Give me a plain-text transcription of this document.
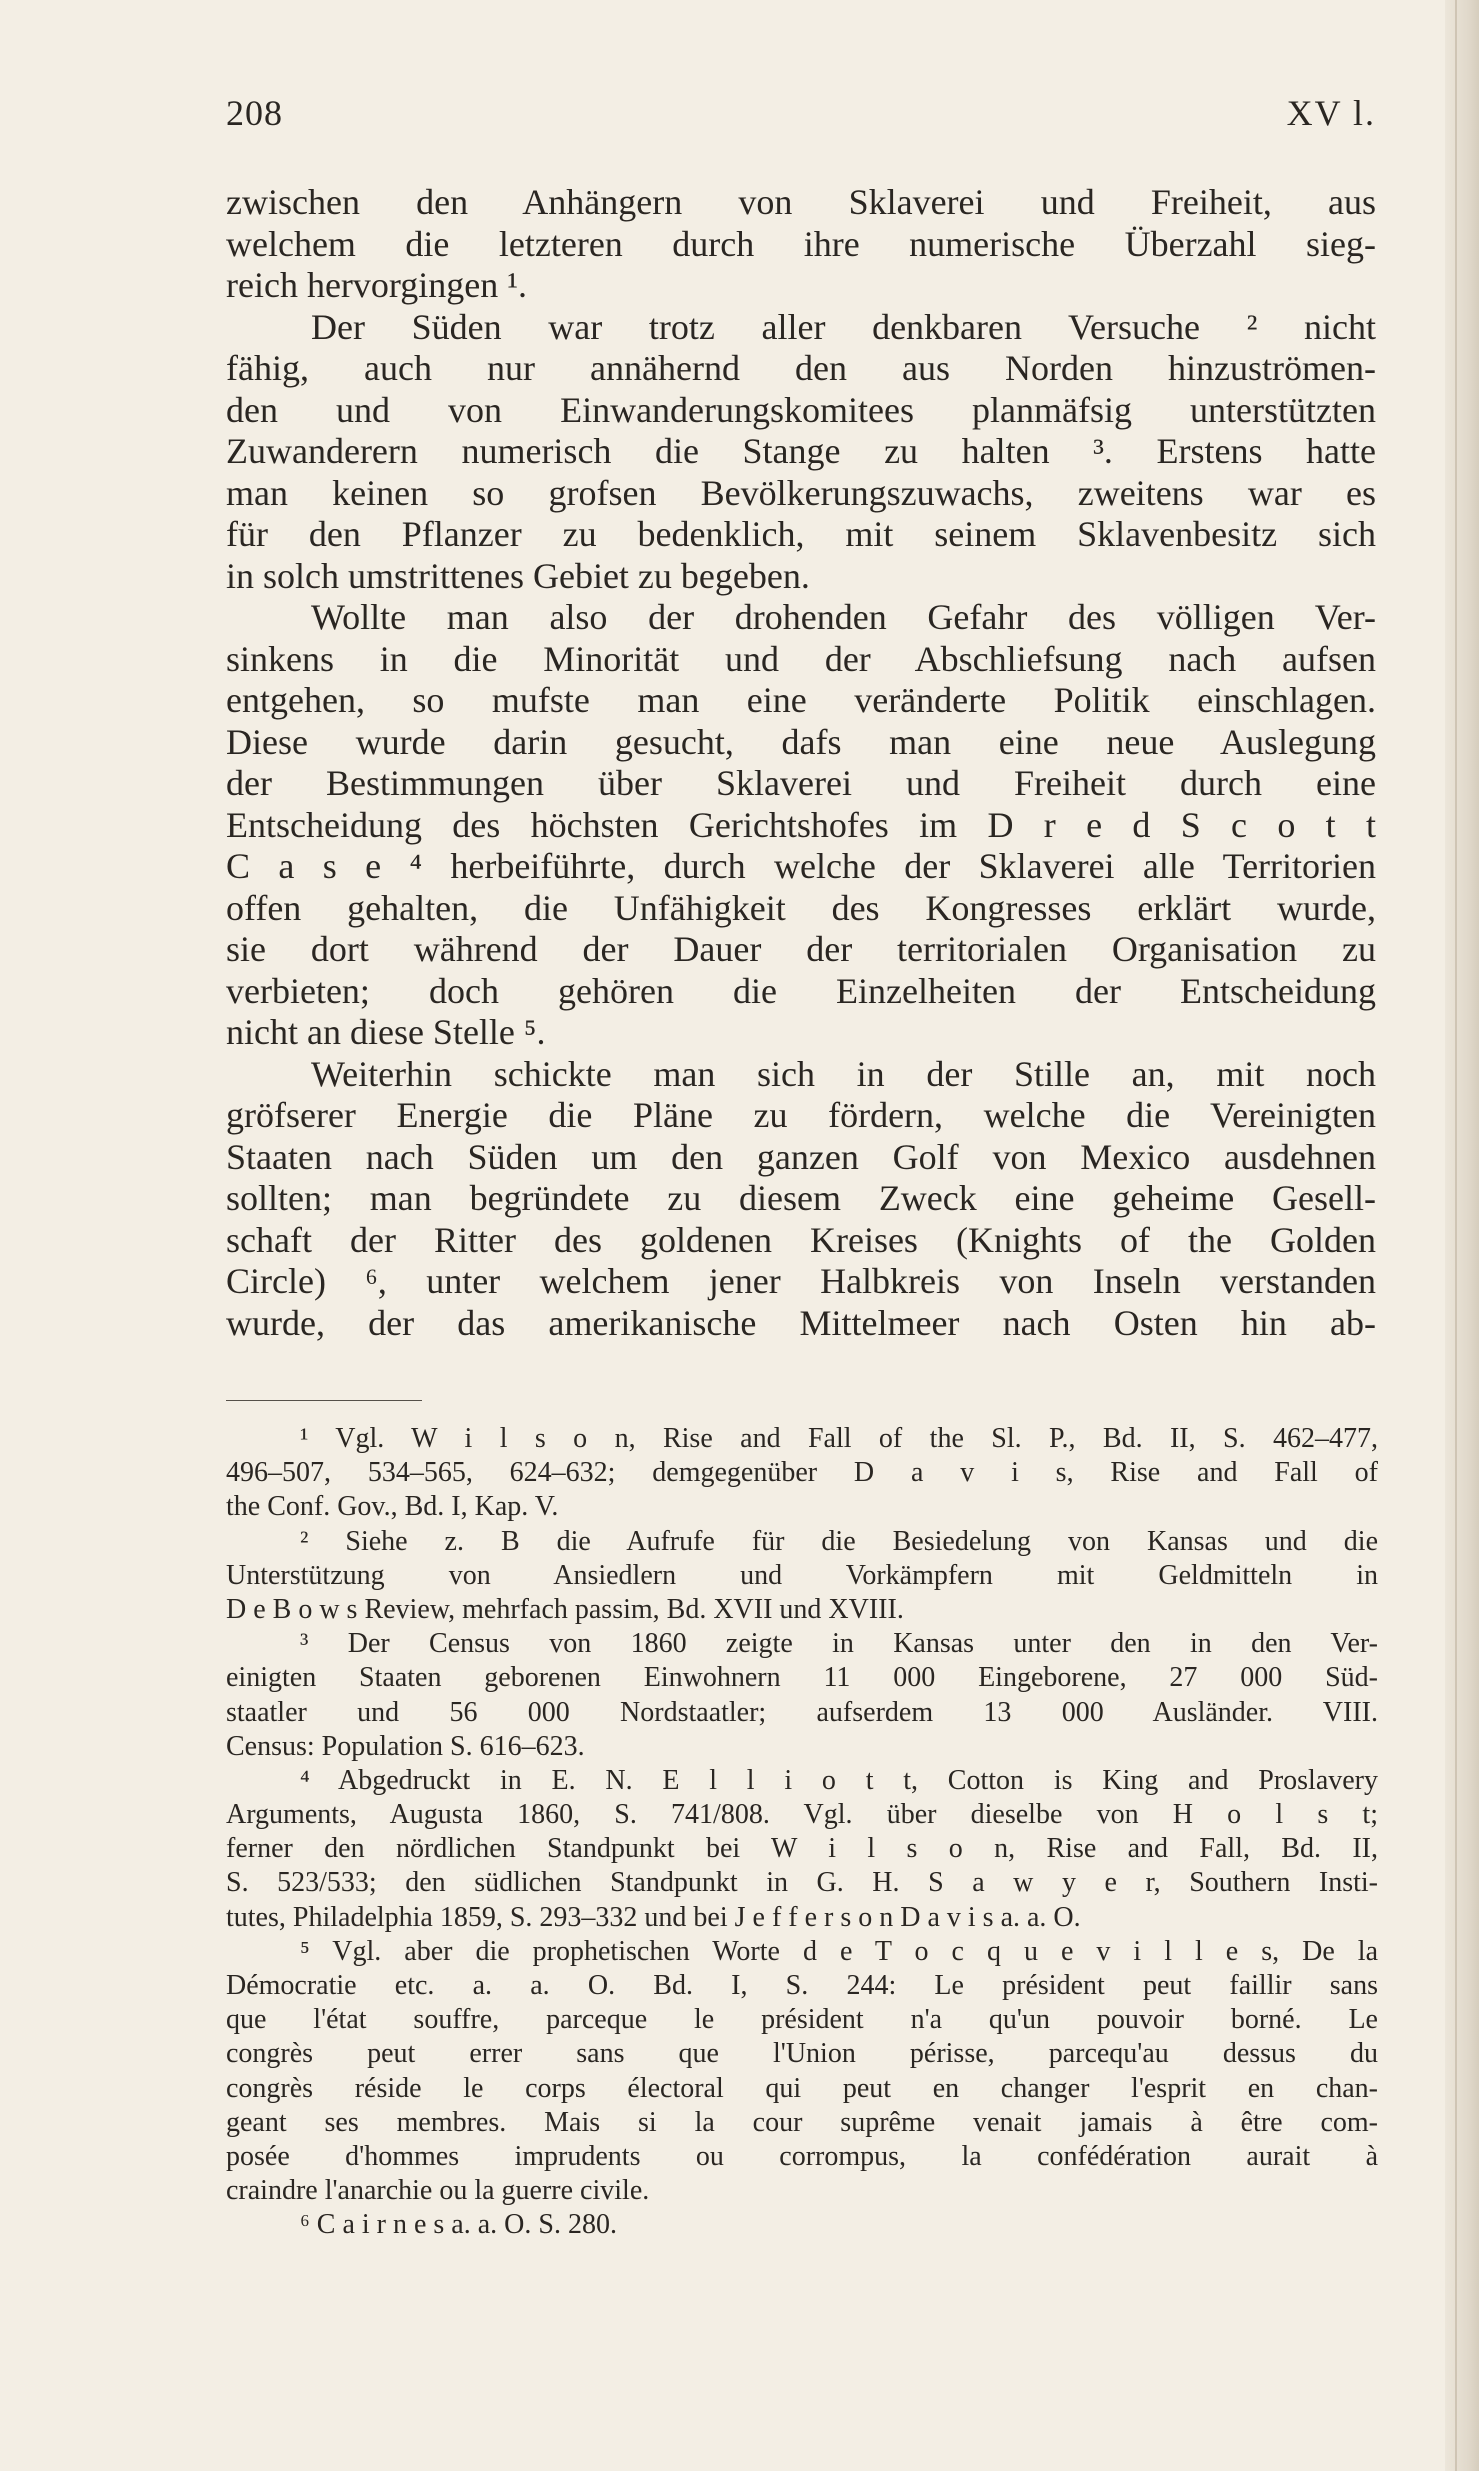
208	XV l.
zwischen den Anhängern von Sklaverei und Freiheit, aus
welchem die letzteren durch ihre numerische Überzahl sieg-
reich hervorgingen ¹.
Der Süden war trotz aller denkbaren Versuche ² nicht
fähig, auch nur annähernd den aus Norden hinzuströmen-
den und von Einwanderungskomitees planmäfsig unterstützten
Zuwanderern numerisch die Stange zu halten ³. Erstens hatte
man keinen so grofsen Bevölkerungszuwachs, zweitens war es
für den Pflanzer zu bedenklich, mit seinem Sklavenbesitz sich
in solch umstrittenes Gebiet zu begeben.
Wollte man also der drohenden Gefahr des völligen Ver-
sinkens in die Minorität und der Abschliefsung nach aufsen
entgehen, so mufste man eine veränderte Politik einschlagen.
Diese wurde darin gesucht, dafs man eine neue Auslegung
der Bestimmungen über Sklaverei und Freiheit durch eine
Entscheidung des höchsten Gerichtshofes im D r e d S c o t t
C a s e ⁴ herbeiführte, durch welche der Sklaverei alle Territorien
offen gehalten, die Unfähigkeit des Kongresses erklärt wurde,
sie dort während der Dauer der territorialen Organisation zu
verbieten; doch gehören die Einzelheiten der Entscheidung
nicht an diese Stelle ⁵.
Weiterhin schickte man sich in der Stille an, mit noch
gröfserer Energie die Pläne zu fördern, welche die Vereinigten
Staaten nach Süden um den ganzen Golf von Mexico ausdehnen
sollten; man begründete zu diesem Zweck eine geheime Gesell-
schaft der Ritter des goldenen Kreises (Knights of the Golden
Circle) ⁶, unter welchem jener Halbkreis von Inseln verstanden
wurde, der das amerikanische Mittelmeer nach Osten hin ab-
¹ Vgl. W i l s o n, Rise and Fall of the Sl. P., Bd. II, S. 462–477,
496–507, 534–565, 624–632; demgegenüber D a v i s, Rise and Fall of
the Conf. Gov., Bd. I, Kap. V.
² Siehe z. B die Aufrufe für die Besiedelung von Kansas und die
Unterstützung von Ansiedlern und Vorkämpfern mit Geldmitteln in
D e B o w s Review, mehrfach passim, Bd. XVII und XVIII.
³ Der Census von 1860 zeigte in Kansas unter den in den Ver-
einigten Staaten geborenen Einwohnern 11 000 Eingeborene, 27 000 Süd-
staatler und 56 000 Nordstaatler; aufserdem 13 000 Ausländer. VIII.
Census: Population S. 616–623.
⁴ Abgedruckt in E. N. E l l i o t t, Cotton is King and Proslavery
Arguments, Augusta 1860, S. 741/808. Vgl. über dieselbe von H o l s t;
ferner den nördlichen Standpunkt bei W i l s o n, Rise and Fall, Bd. II,
S. 523/533; den südlichen Standpunkt in G. H. S a w y e r, Southern Insti-
tutes, Philadelphia 1859, S. 293–332 und bei J e f f e r s o n D a v i s a. a. O.
⁵ Vgl. aber die prophetischen Worte d e T o c q u e v i l l e s, De la
Démocratie etc. a. a. O. Bd. I, S. 244: Le président peut faillir sans
que l'état souffre, parceque le président n'a qu'un pouvoir borné. Le
congrès peut errer sans que l'Union périsse, parcequ'au dessus du
congrès réside le corps électoral qui peut en changer l'esprit en chan-
geant ses membres. Mais si la cour suprême venait jamais à être com-
posée d'hommes imprudents ou corrompus, la confédération aurait à
craindre l'anarchie ou la guerre civile.
⁶ C a i r n e s a. a. O. S. 280.
